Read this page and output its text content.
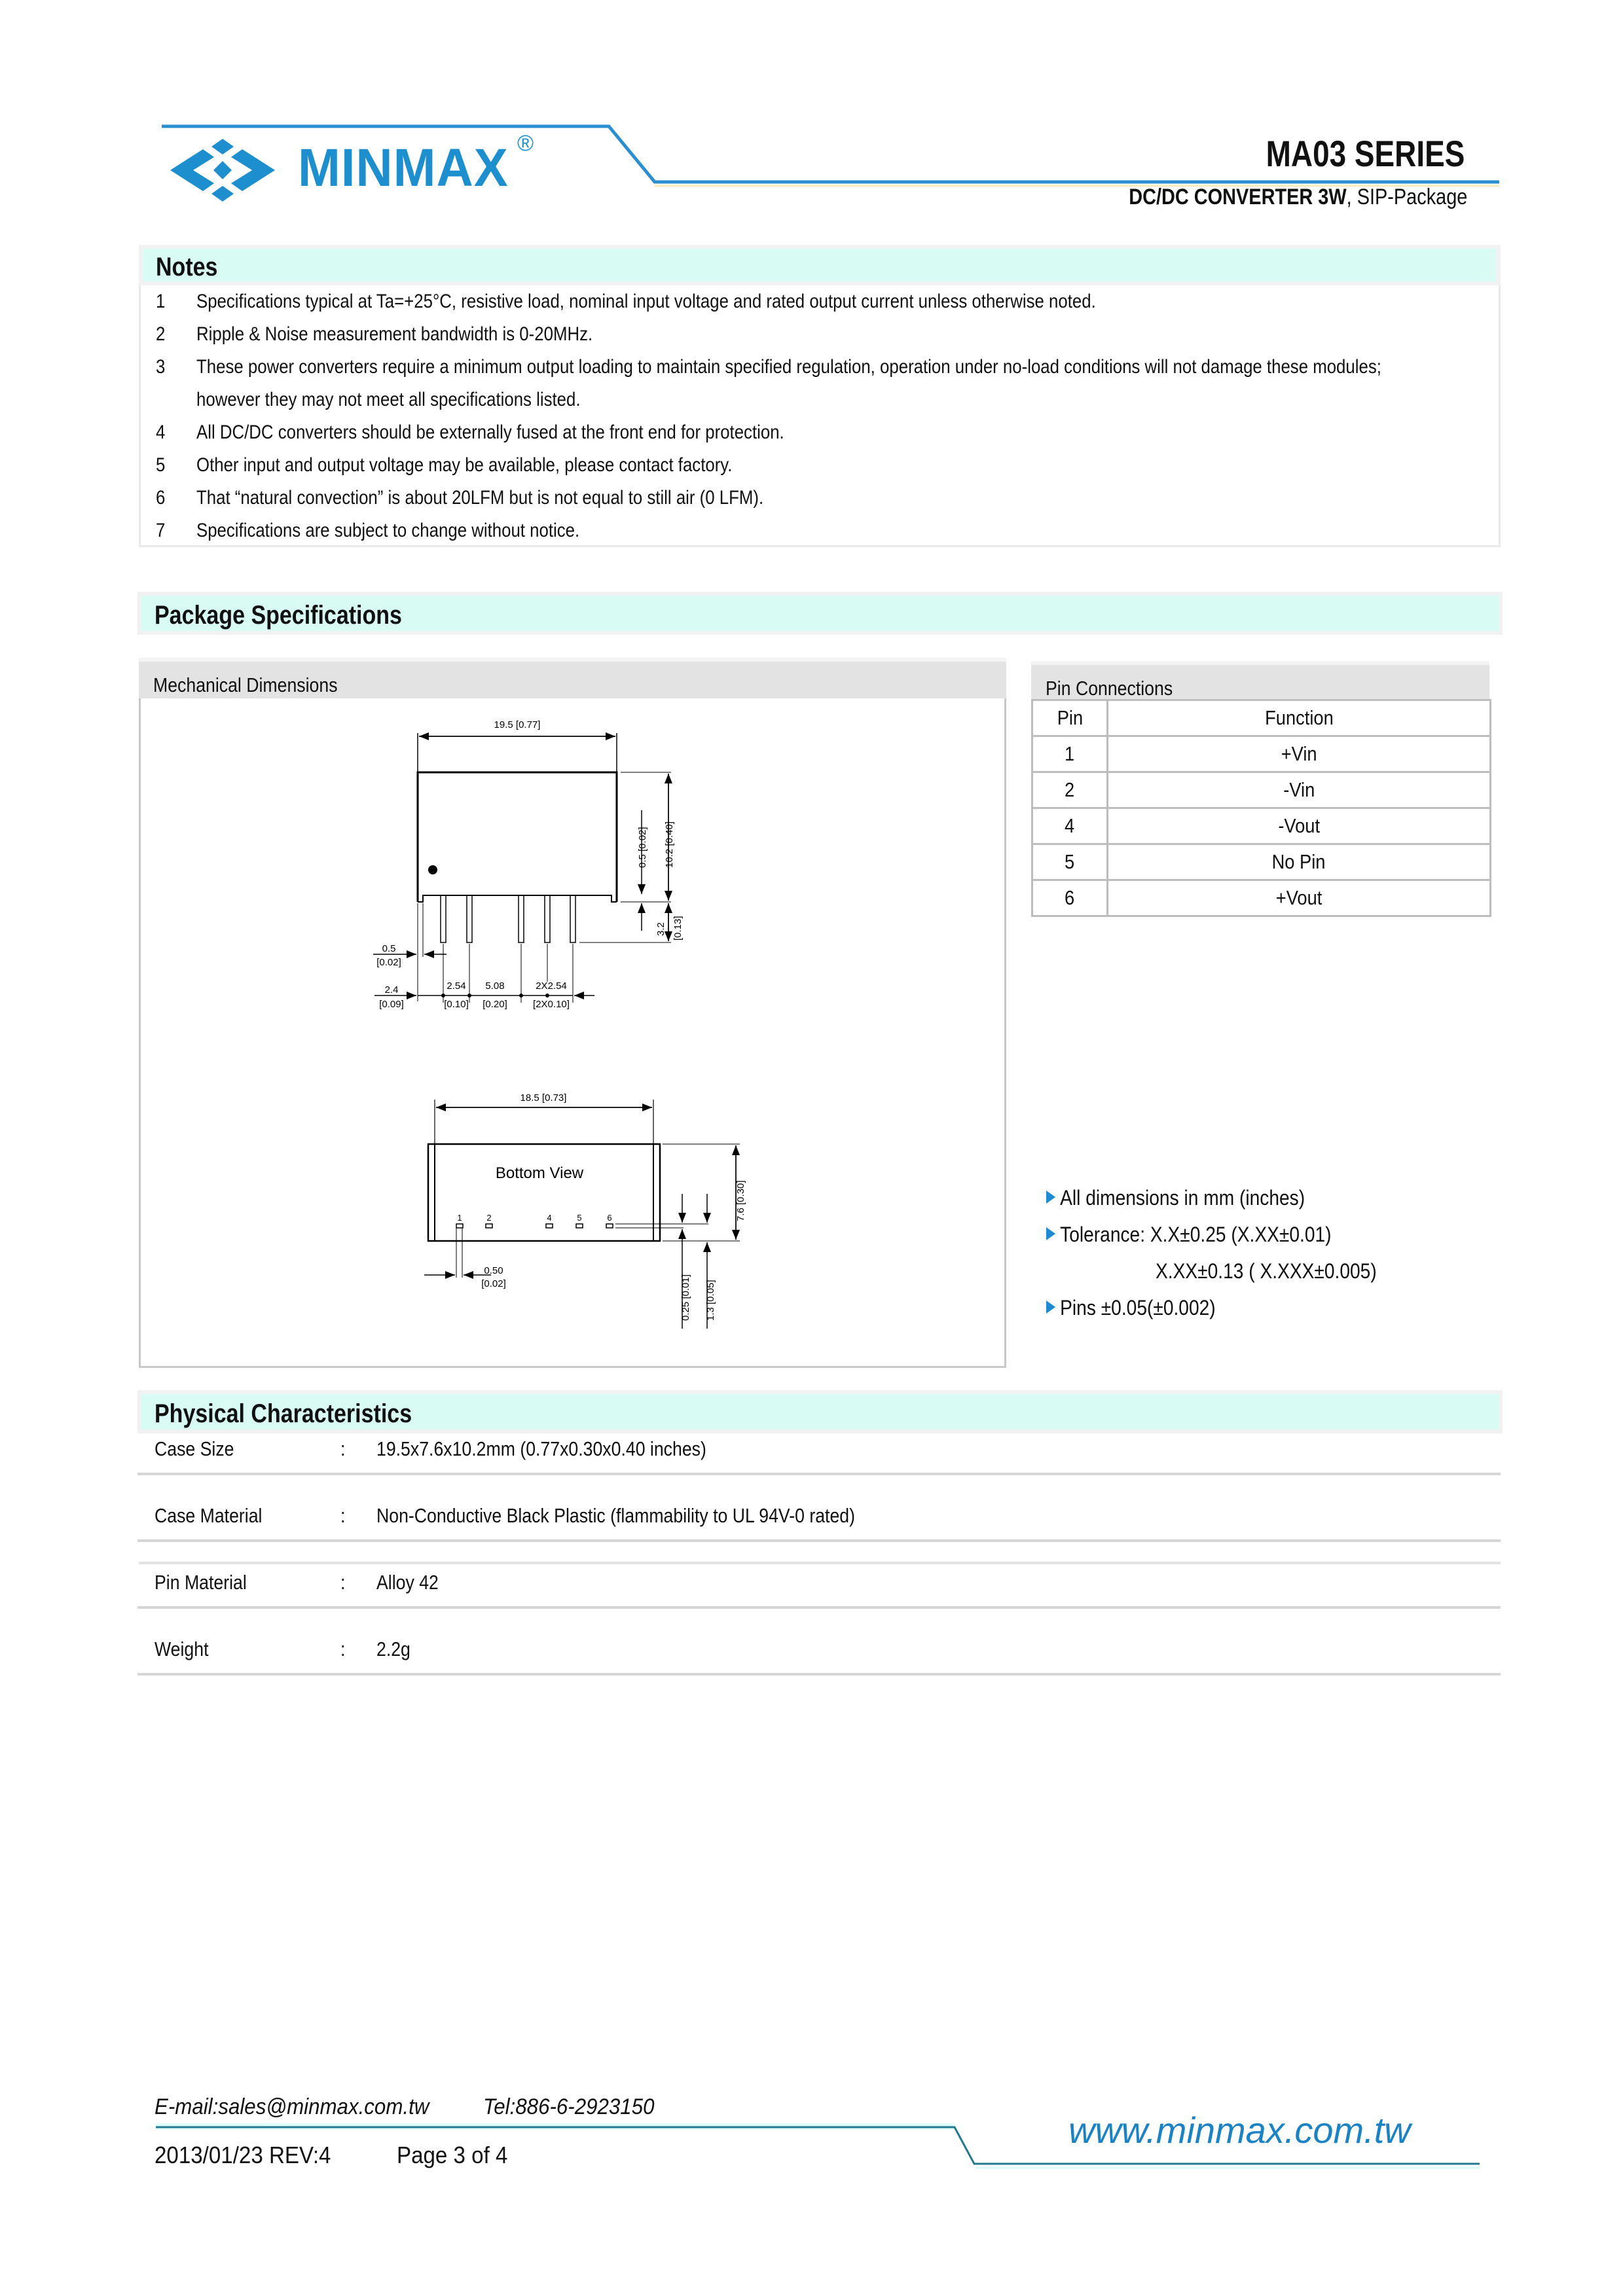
MINMAX ®	MA03 SERIES
DC/DC CONVERTER 3W, SIP-Package
Notes
1 Specifications typical at Ta=+25°C, resistive load, nominal input voltage and rated output current unless otherwise noted.
2 Ripple & Noise measurement bandwidth is 0-20MHz.
3 These power converters require a minimum output loading to maintain specified regulation, operation under no-load conditions will not damage these modules;
however they may not meet all specifications listed.
4 All DC/DC converters should be externally fused at the front end for protection.
5 Other input and output voltage may be available, please contact factory.
6 That “natural convection” is about 20LFM but is not equal to still air (0 LFM).
7 Specifications are subject to change without notice.
Package Specifications
Mechanical Dimensions
19.5 [0.77]
0.5 [0.02] 10.2 [0.40]
3.2 [0.13]
0.5
[0.02]
2.4
[0.09]
2.54
[0.10]
5.08
[0.20]
2X2.54
[2X0.10]
18.5 [0.73]
Bottom View
1	2	4	5	6	7.6 [0.30]
0.50
[0.02]	0.25 [0.01] 1.3 [0.05]
Pin Connections
Pin	Function
1	+Vin
2	-Vin
4	-Vout
5	No Pin
6	+Vout
All dimensions in mm (inches)
Tolerance: X.X±0.25 (X.XX±0.01)
X.XX±0.13 ( X.XXX±0.005)
Pins ±0.05(±0.002)
Physical Characteristics
Case Size	: 19.5x7.6x10.2mm (0.77x0.30x0.40 inches)
Case Material	: Non-Conductive Black Plastic (flammability to UL 94V-0 rated)
Pin Material	: Alloy 42
Weight	: 2.2g
E-mail:sales@minmax.com.tw Tel:886-6-2923150
2013/01/23 REV:4	Page 3 of 4
www.minmax.com.tw
